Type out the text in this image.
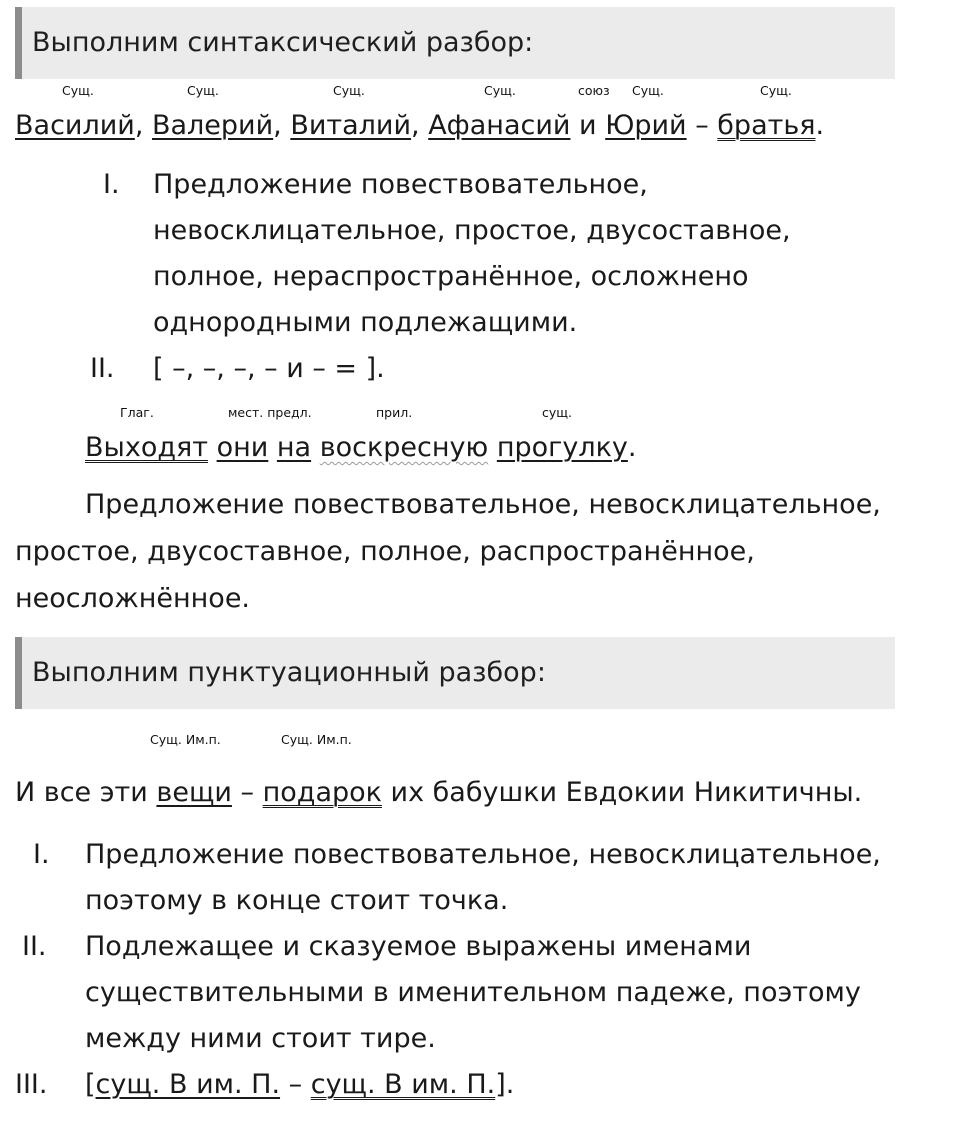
Выполним синтаксический разбор:
Сущ.	Сущ.	Сущ.	Сущ.	союз Сущ.	Сущ.
Василий, Валерий, Виталий, Афанасий и Юрий – братья.
I. Предложение повествовательное,
невосклицательное, простое, двусоставное,
полное, нераспространённое, осложнено
однородными подлежащими.
II. [ –, –, –, – и – = ].
Глаг.	мест. предл.	прил.	сущ.
Выходят они на воскресную прогулку.
Предложение повествовательное, невосклицательное,
простое, двусоставное, полное, распространённое,
неосложнённое.
Выполним пунктуационный разбор:
Сущ. Им.п.	Сущ. Им.п.
И все эти вещи – подарок их бабушки Евдокии Никитичны.
I. Предложение повествовательное, невосклицательное,
поэтому в конце стоит точка.
II. Подлежащее и сказуемое выражены именами
существительными в именительном падеже, поэтому
между ними стоит тире.
III. [сущ. В им. П. – сущ. В им. П.].
